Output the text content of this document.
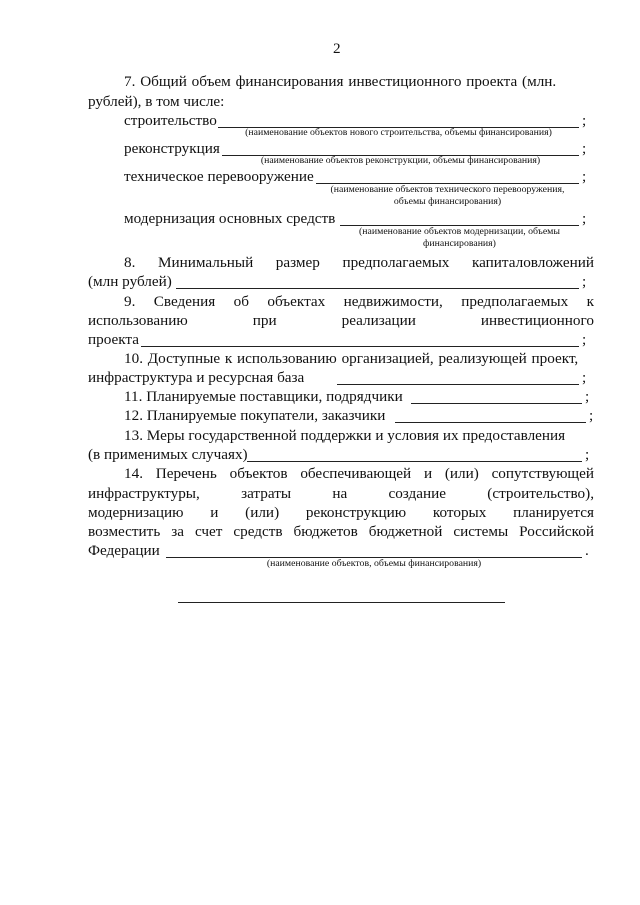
2
7. Общий объем финансирования инвестиционного проекта (млн.
рублей), в том числе:
строительство	;
(наименование объектов нового строительства, объемы финансирования)
реконструкция	;
(наименование объектов реконструкции, объемы финансирования)
техническое перевооружение	;
(наименование объектов технического перевооружения,
объемы финансирования)
модернизация основных средств	;
(наименование объектов модернизации, объемы
финансирования)
8. Минимальный размер предполагаемых капиталовложений
(млн рублей)	;
9. Сведения об объектах недвижимости, предполагаемых к
использованию	при	реализации	инвестиционного
проекта	;
10. Доступные к использованию организацией, реализующей проект,
инфраструктура и ресурсная база	;
11. Планируемые поставщики, подрядчики	;
12. Планируемые покупатели, заказчики	;
13. Меры государственной поддержки и условия их предоставления
(в применимых случаях)	;
14. Перечень объектов обеспечивающей и (или) сопутствующей
инфраструктуры,	затраты	на	создание	(строительство),
модернизацию и (или) реконструкцию которых планируется
возместить за счет средств бюджетов бюджетной системы Российской
Федерации	.
(наименование объектов, объемы финансирования)
